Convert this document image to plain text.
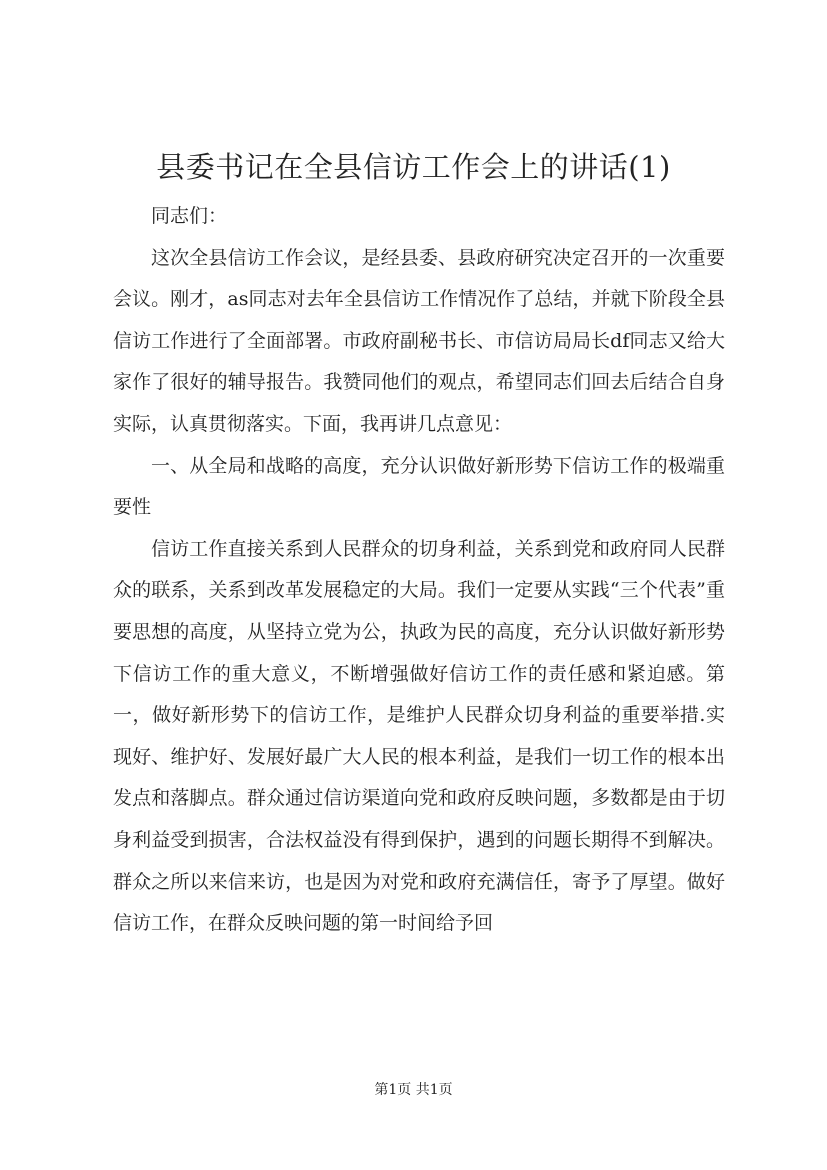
县委书记在全县信访工作会上的讲话(1)

同志们：

这次全县信访工作会议，是经县委、县政府研究决定召开的一次重要会议。刚才，as同志对去年全县信访工作情况作了总结，并就下阶段全县信访工作进行了全面部署。市政府副秘书长、市信访局局长df同志又给大家作了很好的辅导报告。我赞同他们的观点，希望同志们回去后结合自身实际，认真贯彻落实。下面，我再讲几点意见：

一、从全局和战略的高度，充分认识做好新形势下信访工作的极端重要性

信访工作直接关系到人民群众的切身利益，关系到党和政府同人民群众的联系，关系到改革发展稳定的大局。我们一定要从实践“三个代表”重要思想的高度，从坚持立党为公，执政为民的高度，充分认识做好新形势下信访工作的重大意义，不断增强做好信访工作的责任感和紧迫感。第一，做好新形势下的信访工作，是维护人民群众切身利益的重要举措.实现好、维护好、发展好最广大人民的根本利益，是我们一切工作的根本出发点和落脚点。群众通过信访渠道向党和政府反映问题，多数都是由于切身利益受到损害，合法权益没有得到保护，遇到的问题长期得不到解决。群众之所以来信来访，也是因为对党和政府充满信任，寄予了厚望。做好信访工作，在群众反映问题的第一时间给予回

第1页 共1页
